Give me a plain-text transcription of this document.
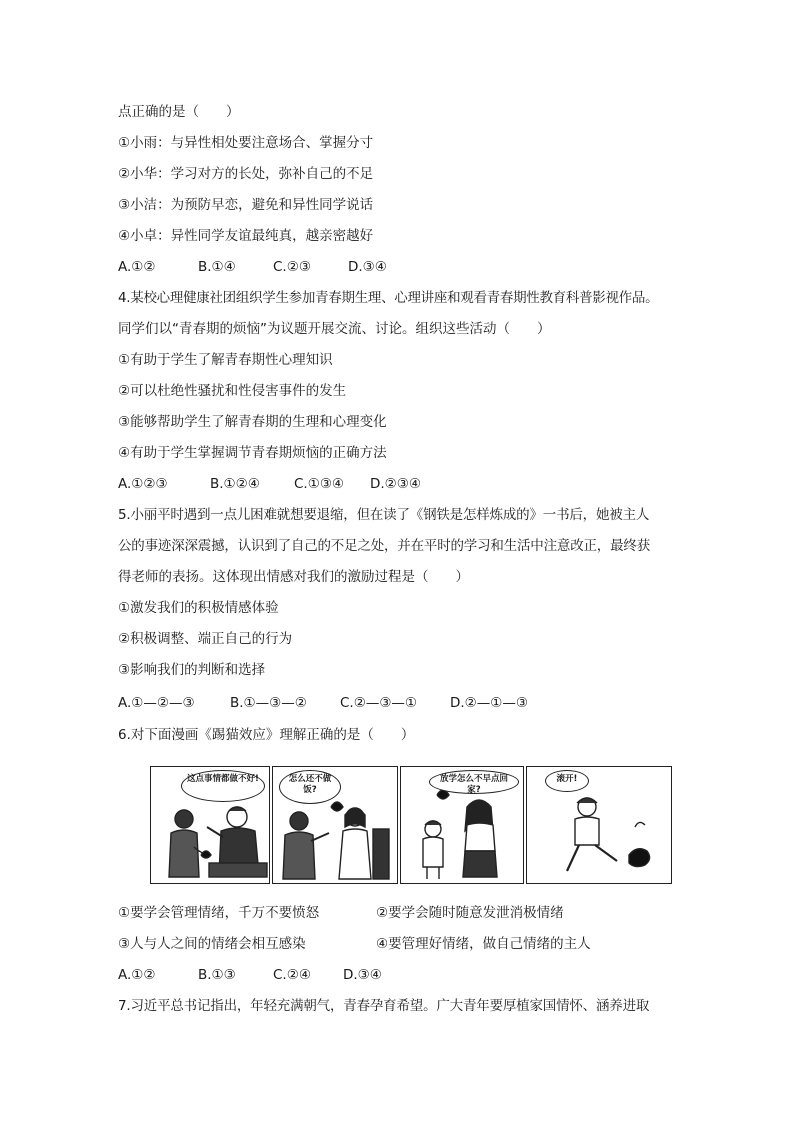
点正确的是（　　）
①小雨：与异性相处要注意场合、掌握分寸
②小华：学习对方的长处，弥补自己的不足
③小洁：为预防早恋，避免和异性同学说话
④小卓：异性同学友谊最纯真，越亲密越好
A.①②	B.①④	C.②③	D.③④
4.某校心理健康社团组织学生参加青春期生理、心理讲座和观看青春期性教育科普影视作品。
同学们以“青春期的烦恼”为议题开展交流、讨论。组织这些活动（　　）
①有助于学生了解青春期性心理知识
②可以杜绝性骚扰和性侵害事件的发生
③能够帮助学生了解青春期的生理和心理变化
④有助于学生掌握调节青春期烦恼的正确方法
A.①②③	B.①②④	C.①③④ D.②③④
5.小丽平时遇到一点儿困难就想要退缩，但在读了《钢铁是怎样炼成的》一书后，她被主人
公的事迹深深震撼，认识到了自己的不足之处，并在平时的学习和生活中注意改正，最终获
得老师的表扬。这体现出情感对我们的激励过程是（　　）
①激发我们的积极情感体验
②积极调整、端正自己的行为
③影响我们的判断和选择
A.①—②—③	B.①—③—② C.②—③—① D.②—①—③
6.对下面漫画《踢猫效应》理解正确的是（　　）
这点事情都做不好!	怎么还不做饭?
放学怎么不早点回家?
滚开!
①要学会管理情绪，千万不要愤怒	②要学会随时随意发泄消极情绪
③人与人之间的情绪会相互感染	④要管理好情绪，做自己情绪的主人
A.①②	B.①③	C.②④ D.③④
7.习近平总书记指出，年轻充满朝气，青春孕育希望。广大青年要厚植家国情怀、涵养进取
